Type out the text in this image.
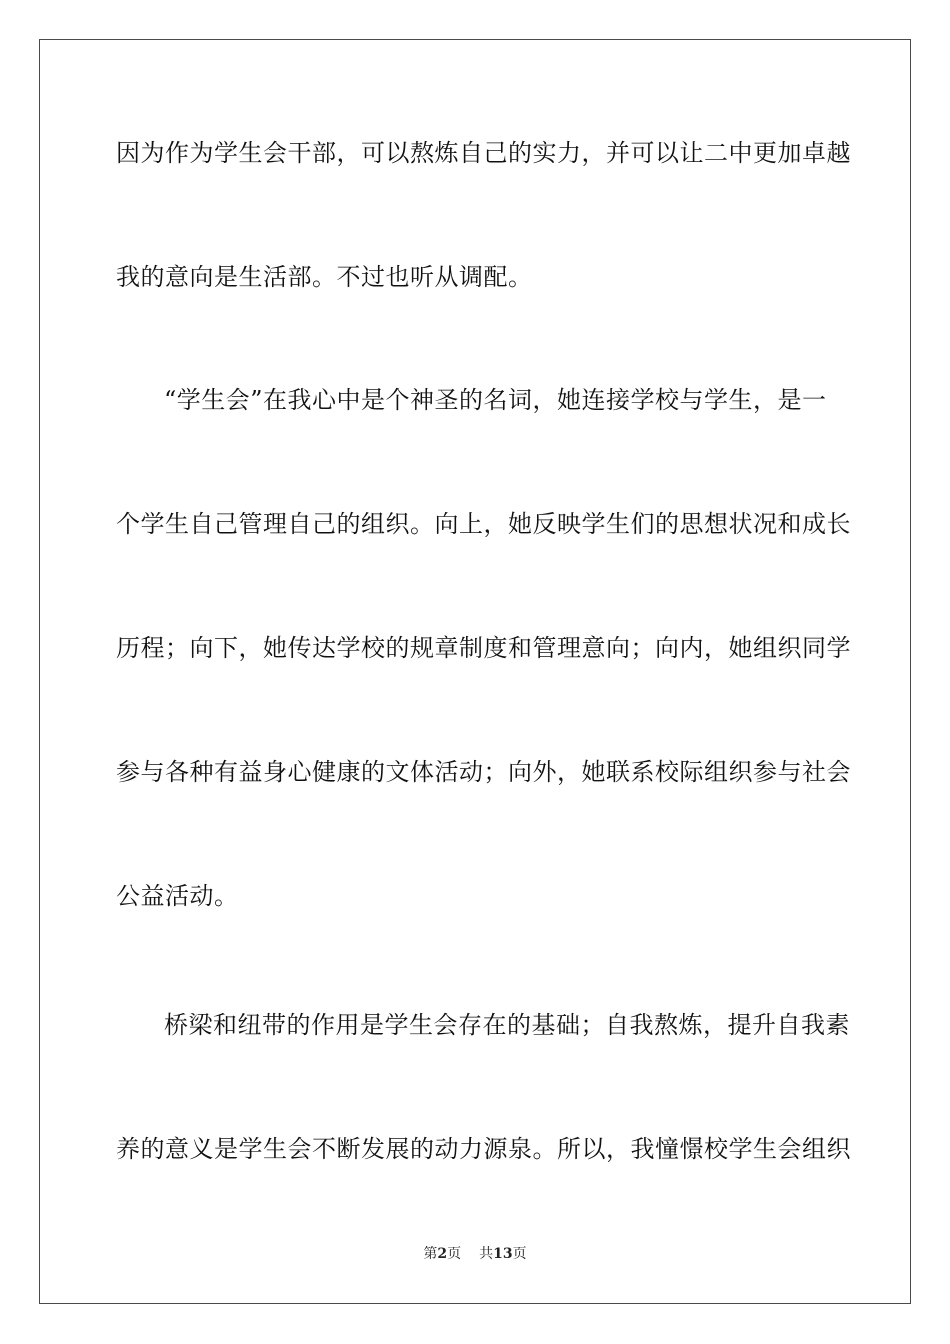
因为作为学生会干部，可以熬炼自己的实力，并可以让二中更加卓越
我的意向是生活部。不过也听从调配。
“学生会”在我心中是个神圣的名词，她连接学校与学生，是一
个学生自己管理自己的组织。向上，她反映学生们的思想状况和成长
历程；向下，她传达学校的规章制度和管理意向；向内，她组织同学
参与各种有益身心健康的文体活动；向外，她联系校际组织参与社会
公益活动。
桥梁和纽带的作用是学生会存在的基础；自我熬炼，提升自我素
养的意义是学生会不断发展的动力源泉。所以，我憧憬校学生会组织
第2页 共13页
